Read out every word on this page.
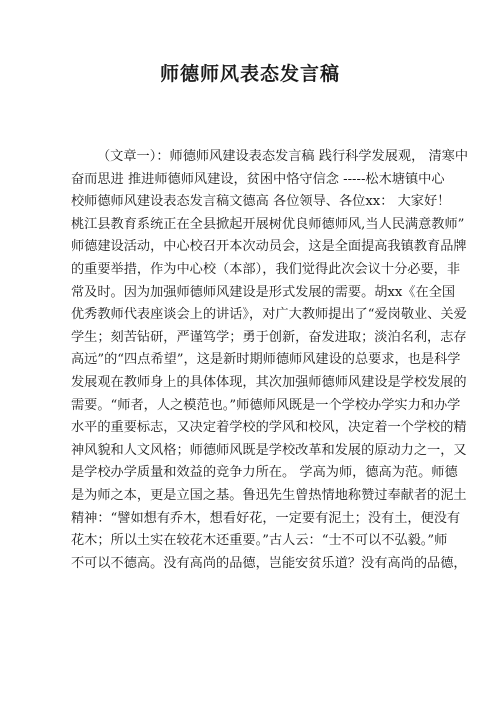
师德师风表态发言稿
（文章一）：师德师风建设表态发言稿 践行科学发展观， 清寒中
奋而思进 推进师德师风建设，贫困中恪守信念 -----松木塘镇中心
校师德师风建设表态发言稿文德高 各位领导、各位xx： 大家好！
桃江县教育系统正在全县掀起开展树优良师德师风,当人民满意教师”
师德建设活动，中心校召开本次动员会，这是全面提高我镇教育品牌
的重要举措，作为中心校（本部），我们觉得此次会议十分必要，非
常及时。因为加强师德师风建设是形式发展的需要。胡xx《在全国
优秀教师代表座谈会上的讲话》，对广大教师提出了“爱岗敬业、关爱
学生；刻苦钻研，严谨笃学；勇于创新，奋发进取；淡泊名利，志存
高远”的“四点希望”，这是新时期师德师风建设的总要求，也是科学
发展观在教师身上的具体体现，其次加强师德师风建设是学校发展的
需要。“师者，人之模范也。”师德师风既是一个学校办学实力和办学
水平的重要标志，又决定着学校的学风和校风，决定着一个学校的精
神风貌和人文风格；师德师风既是学校改革和发展的原动力之一，又
是学校办学质量和效益的竞争力所在。 学高为师，德高为范。师德
是为师之本，更是立国之基。鲁迅先生曾热情地称赞过奉献者的泥土
精神：“譬如想有乔木，想看好花，一定要有泥土；没有土，便没有
花木；所以土实在较花木还重要。”古人云：“士不可以不弘毅。”师
不可以不德高。没有高尚的品德，岂能安贫乐道？没有高尚的品德，
